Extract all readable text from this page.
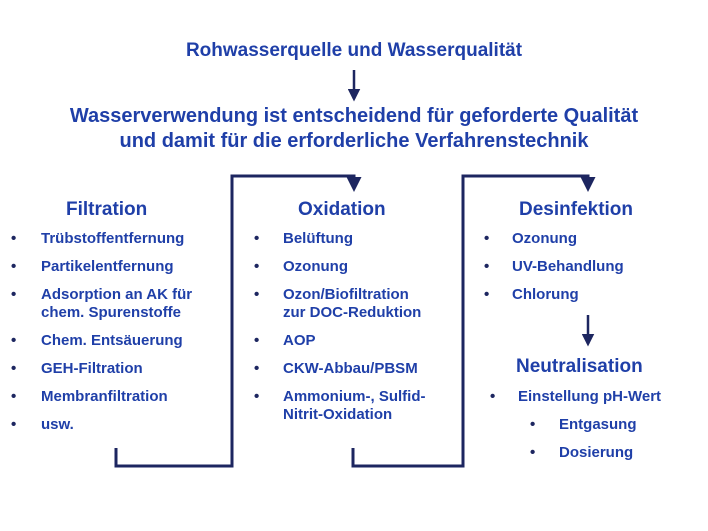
Rohwasserquelle und Wasserqualität
Wasserverwendung ist entscheidend für geforderte Qualität
und damit für die erforderliche Verfahrenstechnik
Filtration	Oxidation	Desinfektion
Neutralisation
• Trübstoffentfernung
• Partikelentfernung
• Adsorption an AK für
chem. Spurenstoffe
• Chem. Entsäuerung
• GEH-Filtration
• Membranfiltration
• usw.
• Belüftung
• Ozonung
• Ozon/Biofiltration
zur DOC-Reduktion
• AOP
• CKW-Abbau/PBSM
• Ammonium-, Sulfid-
Nitrit-Oxidation
• Ozonung
• UV-Behandlung
• Chlorung
• Einstellung pH-Wert
• Entgasung
• Dosierung
